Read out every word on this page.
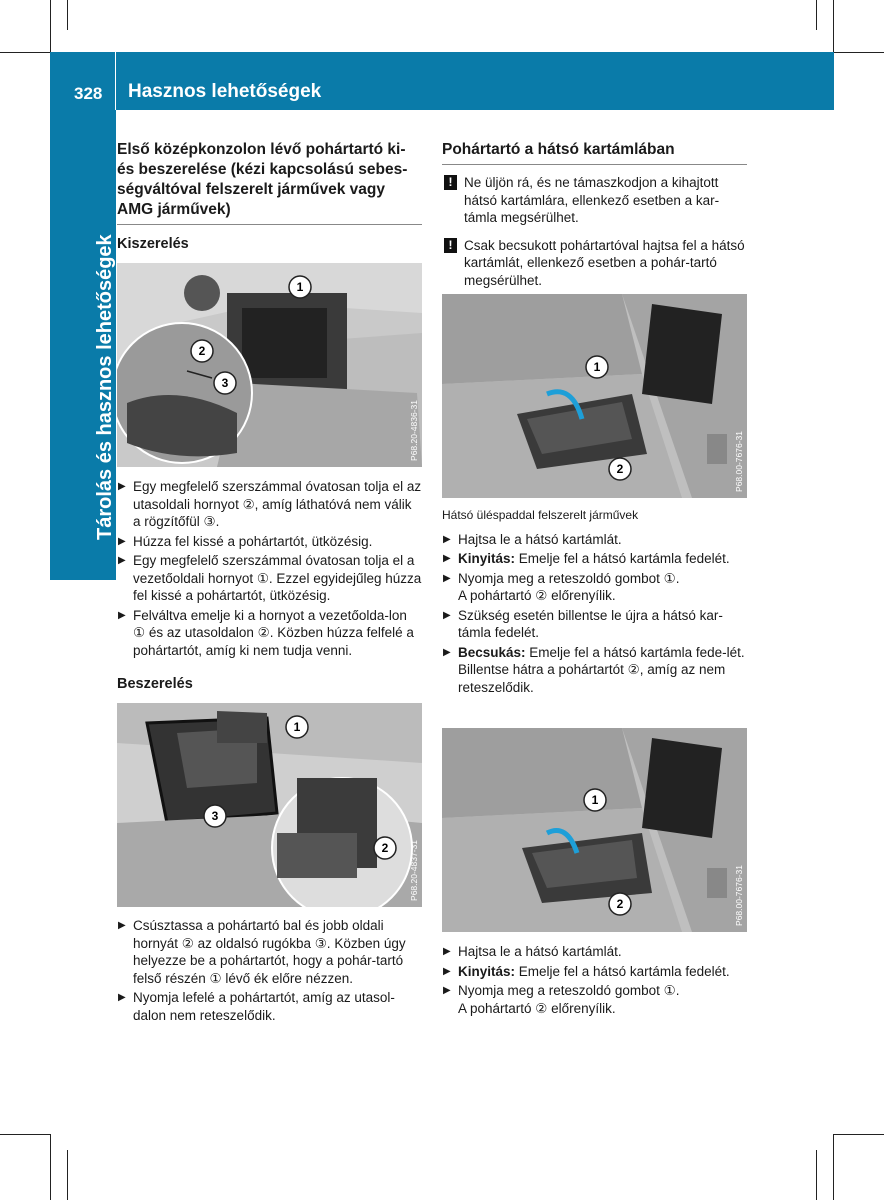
328 Hasznos lehetőségek
Tárolás és hasznos lehetőségek

Első középkonzolon lévő pohártartó ki-és beszerelése (kézi kapcsolású sebes-ségváltóval felszerelt járművek vagy AMG járművek)

Kiszerelés

1
2
3
P68.20-4836-31
▶ Egy megfelelő szerszámmal óvatosan tolja el az utasoldali hornyot ②, amíg láthatóvá nem válik a rögzítőfül ③.
▶ Húzza fel kissé a pohártartót, ütközésig.
▶ Egy megfelelő szerszámmal óvatosan tolja el a vezetőoldali hornyot ①. Ezzel egyidejűleg húzza fel kissé a pohártartót, ütközésig.
▶ Felváltva emelje ki a hornyot a vezetőolda-lon ① és az utasoldalon ②. Közben húzza felfelé a pohártartót, amíg ki nem tudja venni.

Beszerelés

1
3
2 P68.20-4837-31
▶ Csúsztassa a pohártartó bal és jobb oldali hornyát ② az oldalsó rugókba ③. Közben úgy helyezze be a pohártartót, hogy a pohár-tartó felső részén ① lévő ék előre nézzen.
▶ Nyomja lefelé a pohártartót, amíg az utasol-dalon nem reteszelődik.

Pohártartó a hátsó kartámlában

! Ne üljön rá, és ne támaszkodjon a kihajtott hátsó kartámlára, ellenkező esetben a kar-támla megsérülhet.
! Csak becsukott pohártartóval hajtsa fel a hátsó kartámlát, ellenkező esetben a pohár-tartó megsérülhet.
1
2	P68.00-7676-31
Hátsó üléspaddal felszerelt járművek
▶ Hajtsa le a hátsó kartámlát.
▶ Kinyitás: Emelje fel a hátsó kartámla fedelét.
▶ Nyomja meg a reteszoldó gombot ①.
A pohártartó ② előrenyílik.
▶ Szükség esetén billentse le újra a hátsó kar-támla fedelét.
▶ Becsukás: Emelje fel a hátsó kartámla fede-lét.
Billentse hátra a pohártartót ②, amíg az nem reteszelődik.
1
2	P68.00-7676-31
▶ Hajtsa le a hátsó kartámlát.
▶ Kinyitás: Emelje fel a hátsó kartámla fedelét.
▶ Nyomja meg a reteszoldó gombot ①.
A pohártartó ② előrenyílik.
